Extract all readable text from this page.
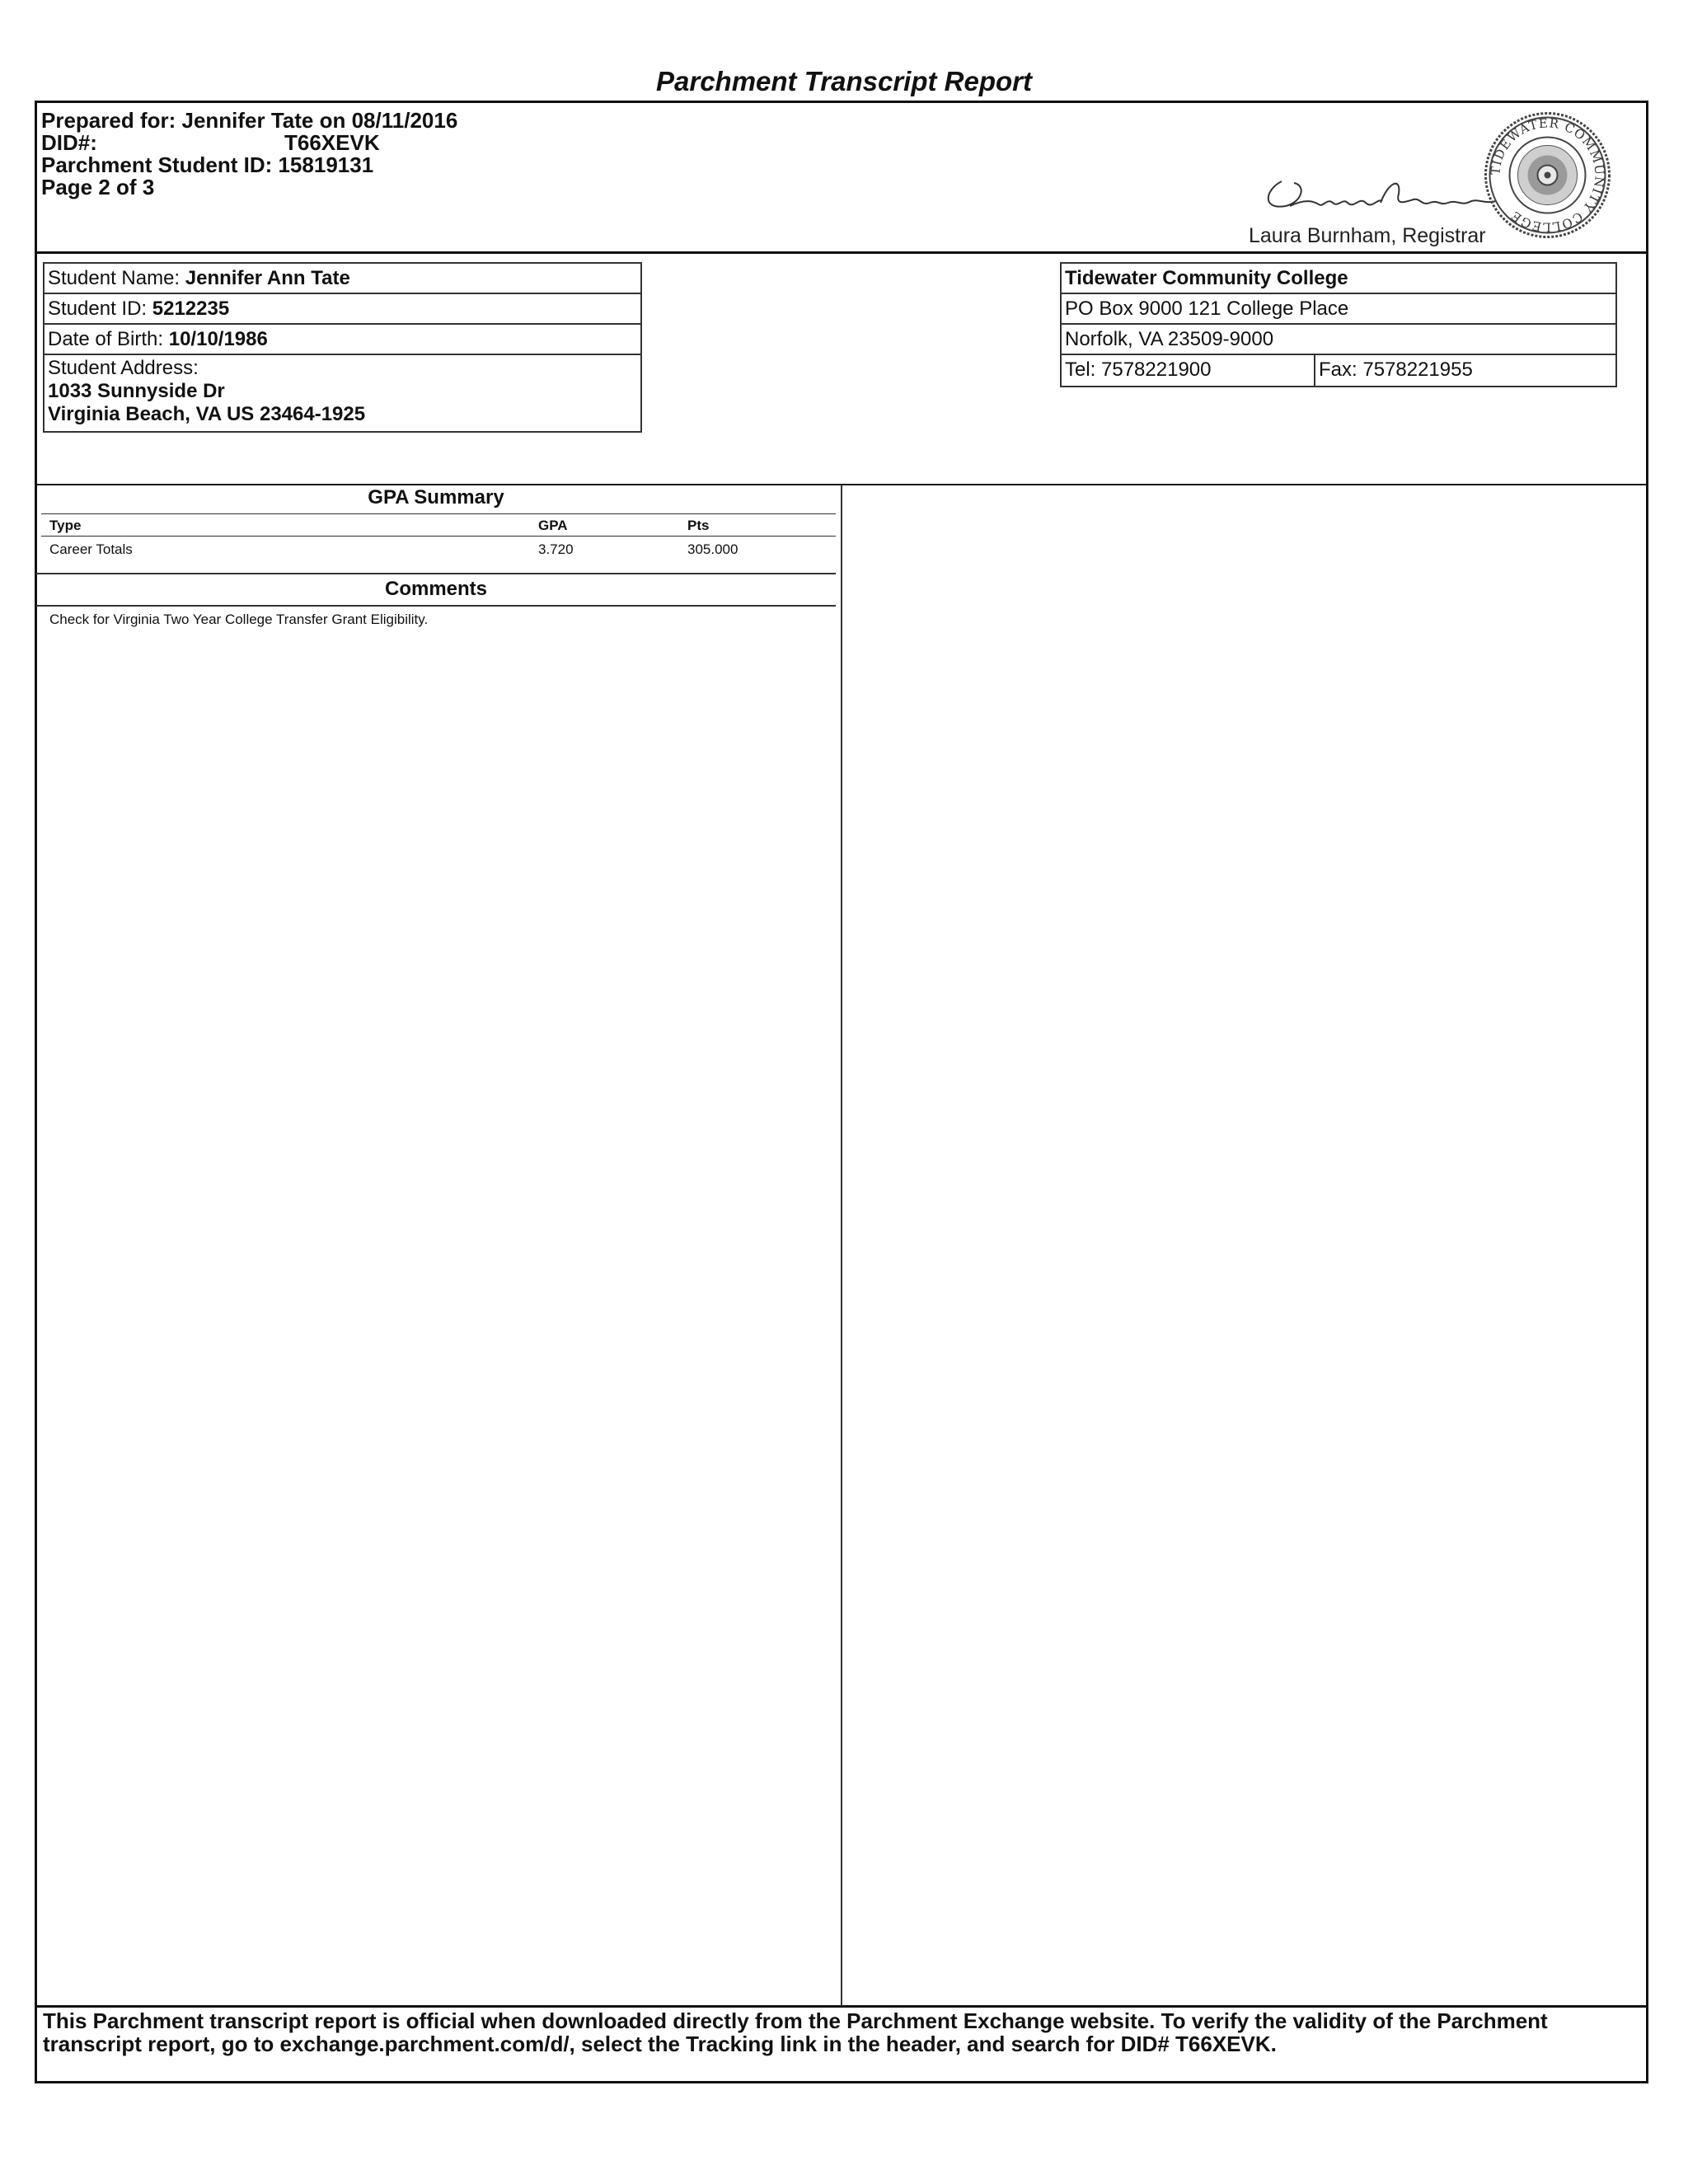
Parchment Transcript Report
Prepared for: Jennifer Tate on 08/11/2016
DID#:	T66XEVK
Parchment Student ID: 15819131
Page 2 of 3
Laura Burnham, Registrar
TIDEWATER COMMUNITY COLLEGE
Student Name: Jennifer Ann Tate
Student ID: 5212235
Date of Birth: 10/10/1986
Student Address:
1033 Sunnyside Dr
Virginia Beach, VA US 23464-1925
Tidewater Community College
PO Box 9000 121 College Place
Norfolk, VA 23509-9000
Tel: 7578221900	Fax: 7578221955
GPA Summary
Type	GPA	Pts
Career Totals	3.720	305.000
Comments
Check for Virginia Two Year College Transfer Grant Eligibility.
This Parchment transcript report is official when downloaded directly from the Parchment Exchange website. To verify the validity of the Parchment transcript report, go to exchange.parchment.com/d/, select the Tracking link in the header, and search for DID# T66XEVK.
